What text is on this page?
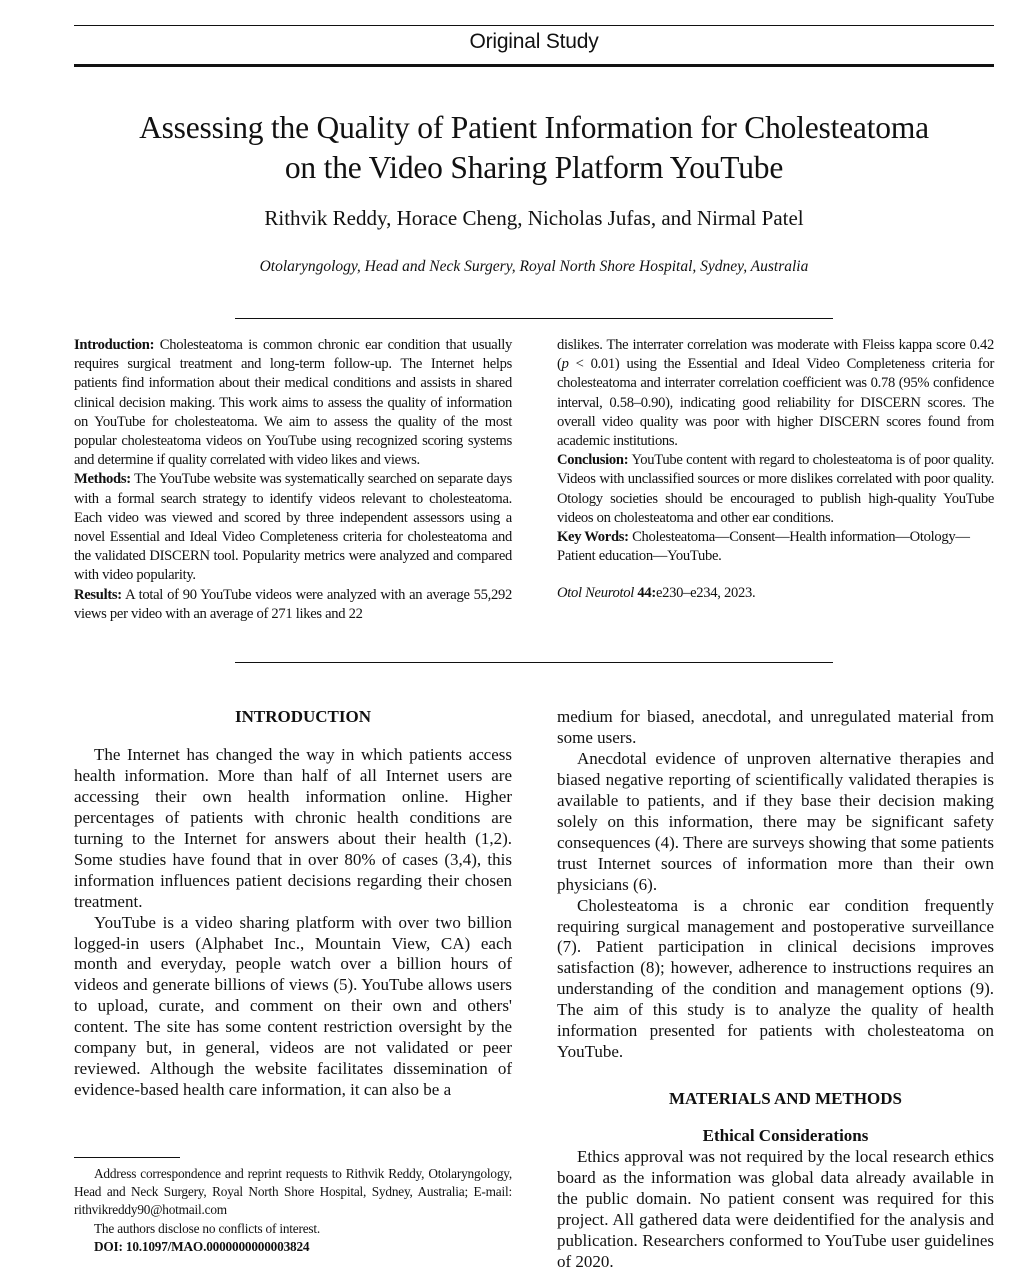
Original Study
Assessing the Quality of Patient Information for Cholesteatoma
on the Video Sharing Platform YouTube
Rithvik Reddy, Horace Cheng, Nicholas Jufas, and Nirmal Patel
Otolaryngology, Head and Neck Surgery, Royal North Shore Hospital, Sydney, Australia

Introduction: Cholesteatoma is common chronic ear condition that usually requires surgical treatment and long-term follow-up. The Internet helps patients find information about their medical conditions and assists in shared clinical decision making. This work aims to assess the quality of information on YouTube for cholesteatoma. We aim to assess the quality of the most popular cholesteatoma videos on YouTube using recognized scoring systems and determine if quality correlated with video likes and views.

Methods: The YouTube website was systematically searched on separate days with a formal search strategy to identify videos relevant to cholesteatoma. Each video was viewed and scored by three independent assessors using a novel Essential and Ideal Video Completeness criteria for cholesteatoma and the validated DISCERN tool. Popularity metrics were analyzed and compared with video popularity.

Results: A total of 90 YouTube videos were analyzed with an average 55,292 views per video with an average of 271 likes and 22

dislikes. The interrater correlation was moderate with Fleiss kappa score 0.42 (p < 0.01) using the Essential and Ideal Video Completeness criteria for cholesteatoma and interrater correlation coefficient was 0.78 (95% confidence interval, 0.58–0.90), indicating good reliability for DISCERN scores. The overall video quality was poor with higher DISCERN scores found from academic institutions.

Conclusion: YouTube content with regard to cholesteatoma is of poor quality. Videos with unclassified sources or more dislikes correlated with poor quality. Otology societies should be encouraged to publish high-quality YouTube videos on cholesteatoma and other ear conditions.

Key Words: Cholesteatoma—Consent—Health information—Otology—Patient education—YouTube.

Otol Neurotol 44:e230–e234, 2023.

INTRODUCTION

The Internet has changed the way in which patients access health information. More than half of all Internet users are accessing their own health information online. Higher percentages of patients with chronic health conditions are turning to the Internet for answers about their health (1,2). Some studies have found that in over 80% of cases (3,4), this information influences patient decisions regarding their chosen treatment.

YouTube is a video sharing platform with over two billion logged-in users (Alphabet Inc., Mountain View, CA) each month and everyday, people watch over a billion hours of videos and generate billions of views (5). YouTube allows users to upload, curate, and comment on their own and others' content. The site has some content restriction oversight by the company but, in general, videos are not validated or peer reviewed. Although the website facilitates dissemination of evidence-based health care information, it can also be a

medium for biased, anecdotal, and unregulated material from some users.

Anecdotal evidence of unproven alternative therapies and biased negative reporting of scientifically validated therapies is available to patients, and if they base their decision making solely on this information, there may be significant safety consequences (4). There are surveys showing that some patients trust Internet sources of information more than their own physicians (6).

Cholesteatoma is a chronic ear condition frequently requiring surgical management and postoperative surveillance (7). Patient participation in clinical decisions improves satisfaction (8); however, adherence to instructions requires an understanding of the condition and management options (9). The aim of this study is to analyze the quality of health information presented for patients with cholesteatoma on YouTube.

MATERIALS AND METHODS

Ethical Considerations

Ethics approval was not required by the local research ethics board as the information was global data already available in the public domain. No patient consent was required for this project. All gathered data were deidentified for the analysis and publication. Researchers conformed to YouTube user guidelines of 2020.

Address correspondence and reprint requests to Rithvik Reddy, Otolaryngology, Head and Neck Surgery, Royal North Shore Hospital, Sydney, Australia; E-mail: rithvikreddy90@hotmail.com

The authors disclose no conflicts of interest.

DOI: 10.1097/MAO.0000000000003824
